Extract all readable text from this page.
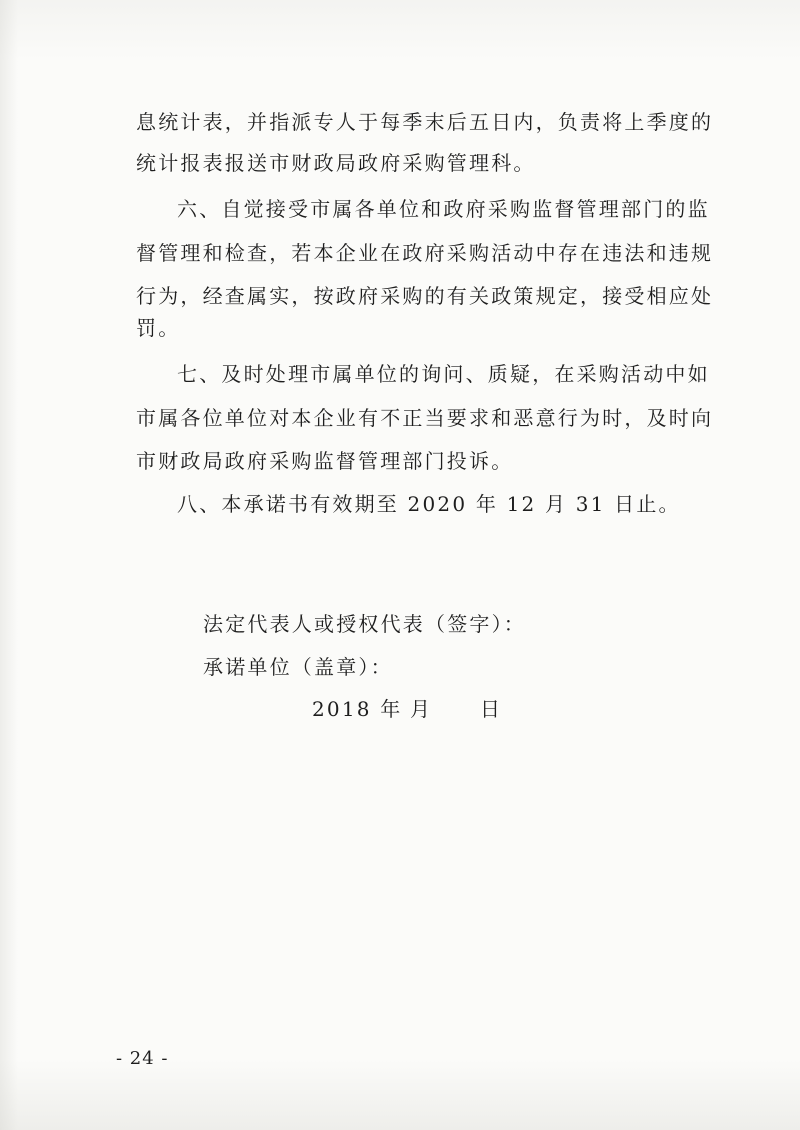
息统计表，并指派专人于每季末后五日内，负责将上季度的
统计报表报送市财政局政府采购管理科。
六、自觉接受市属各单位和政府采购监督管理部门的监
督管理和检查，若本企业在政府采购活动中存在违法和违规
行为，经查属实，按政府采购的有关政策规定，接受相应处
罚。
七、及时处理市属单位的询问、质疑，在采购活动中如
市属各位单位对本企业有不正当要求和恶意行为时，及时向
市财政局政府采购监督管理部门投诉。
八、本承诺书有效期至 2020 年 12 月 31 日止。
法定代表人或授权代表（签字）：
承诺单位（盖章）：
2018 年 月 日
- 24 -
